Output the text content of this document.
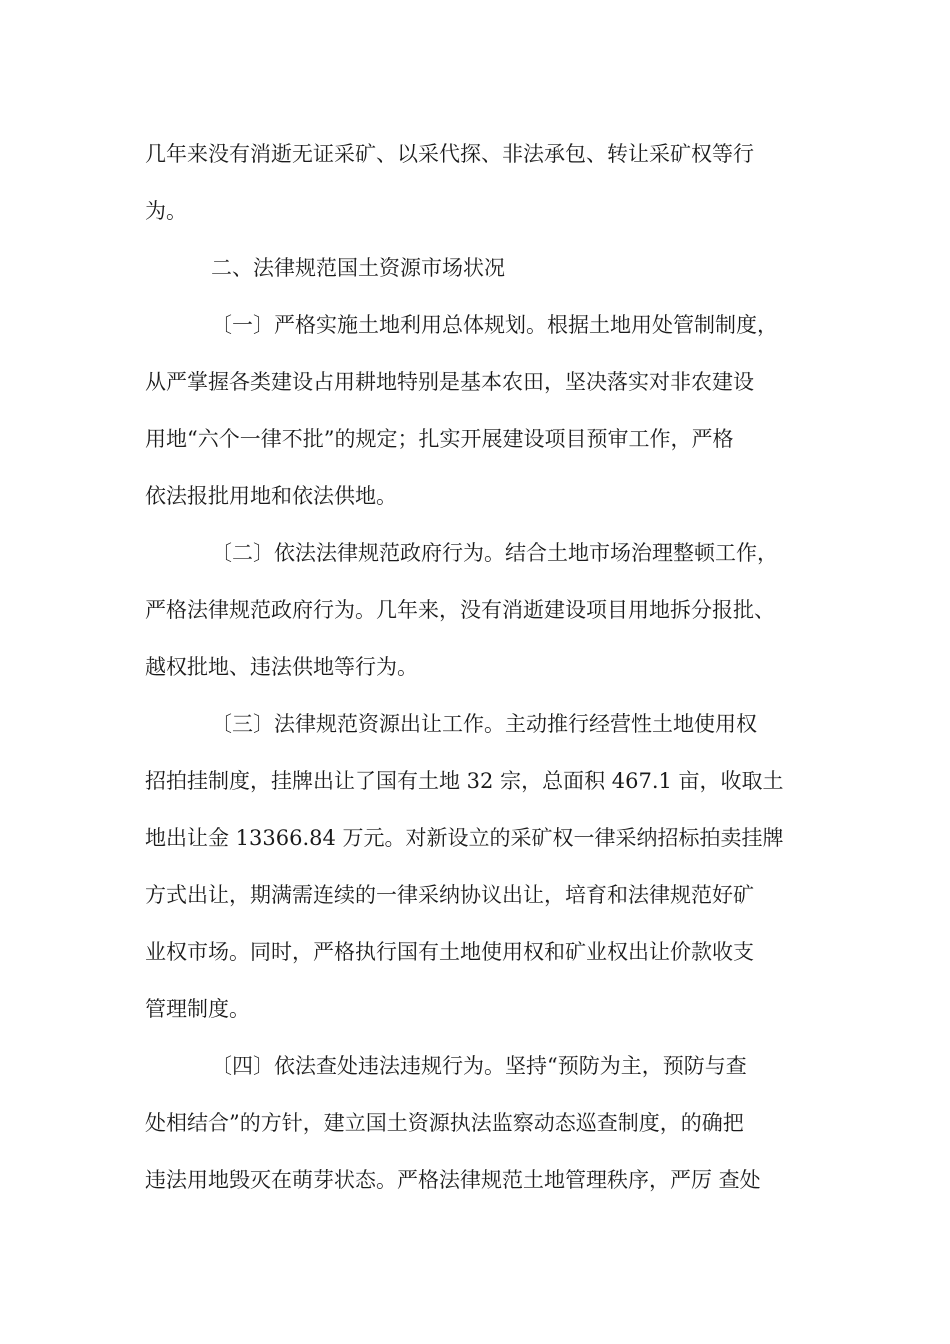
几年来没有消逝无证采矿、以采代探、非法承包、转让采矿权等行
为。
二、法律规范国土资源市场状况
〔一〕严格实施土地利用总体规划。根据土地用处管制制度，
从严掌握各类建设占用耕地特别是基本农田，坚决落实对非农建设
用地“六个一律不批”的规定；扎实开展建设项目预审工作，严格
依法报批用地和依法供地。
〔二〕依法法律规范政府行为。结合土地市场治理整顿工作，
严格法律规范政府行为。几年来，没有消逝建设项目用地拆分报批、
越权批地、违法供地等行为。
〔三〕法律规范资源出让工作。主动推行经营性土地使用权
招拍挂制度，挂牌出让了国有土地 32 宗，总面积 467.1 亩，收取土
地出让金 13366.84 万元。对新设立的采矿权一律采纳招标拍卖挂牌
方式出让，期满需连续的一律采纳协议出让，培育和法律规范好矿
业权市场。同时，严格执行国有土地使用权和矿业权出让价款收支
管理制度。
〔四〕依法查处违法违规行为。坚持“预防为主，预防与查
处相结合”的方针，建立国土资源执法监察动态巡查制度，的确把
违法用地毁灭在萌芽状态。严格法律规范土地管理秩序，严厉 查处
